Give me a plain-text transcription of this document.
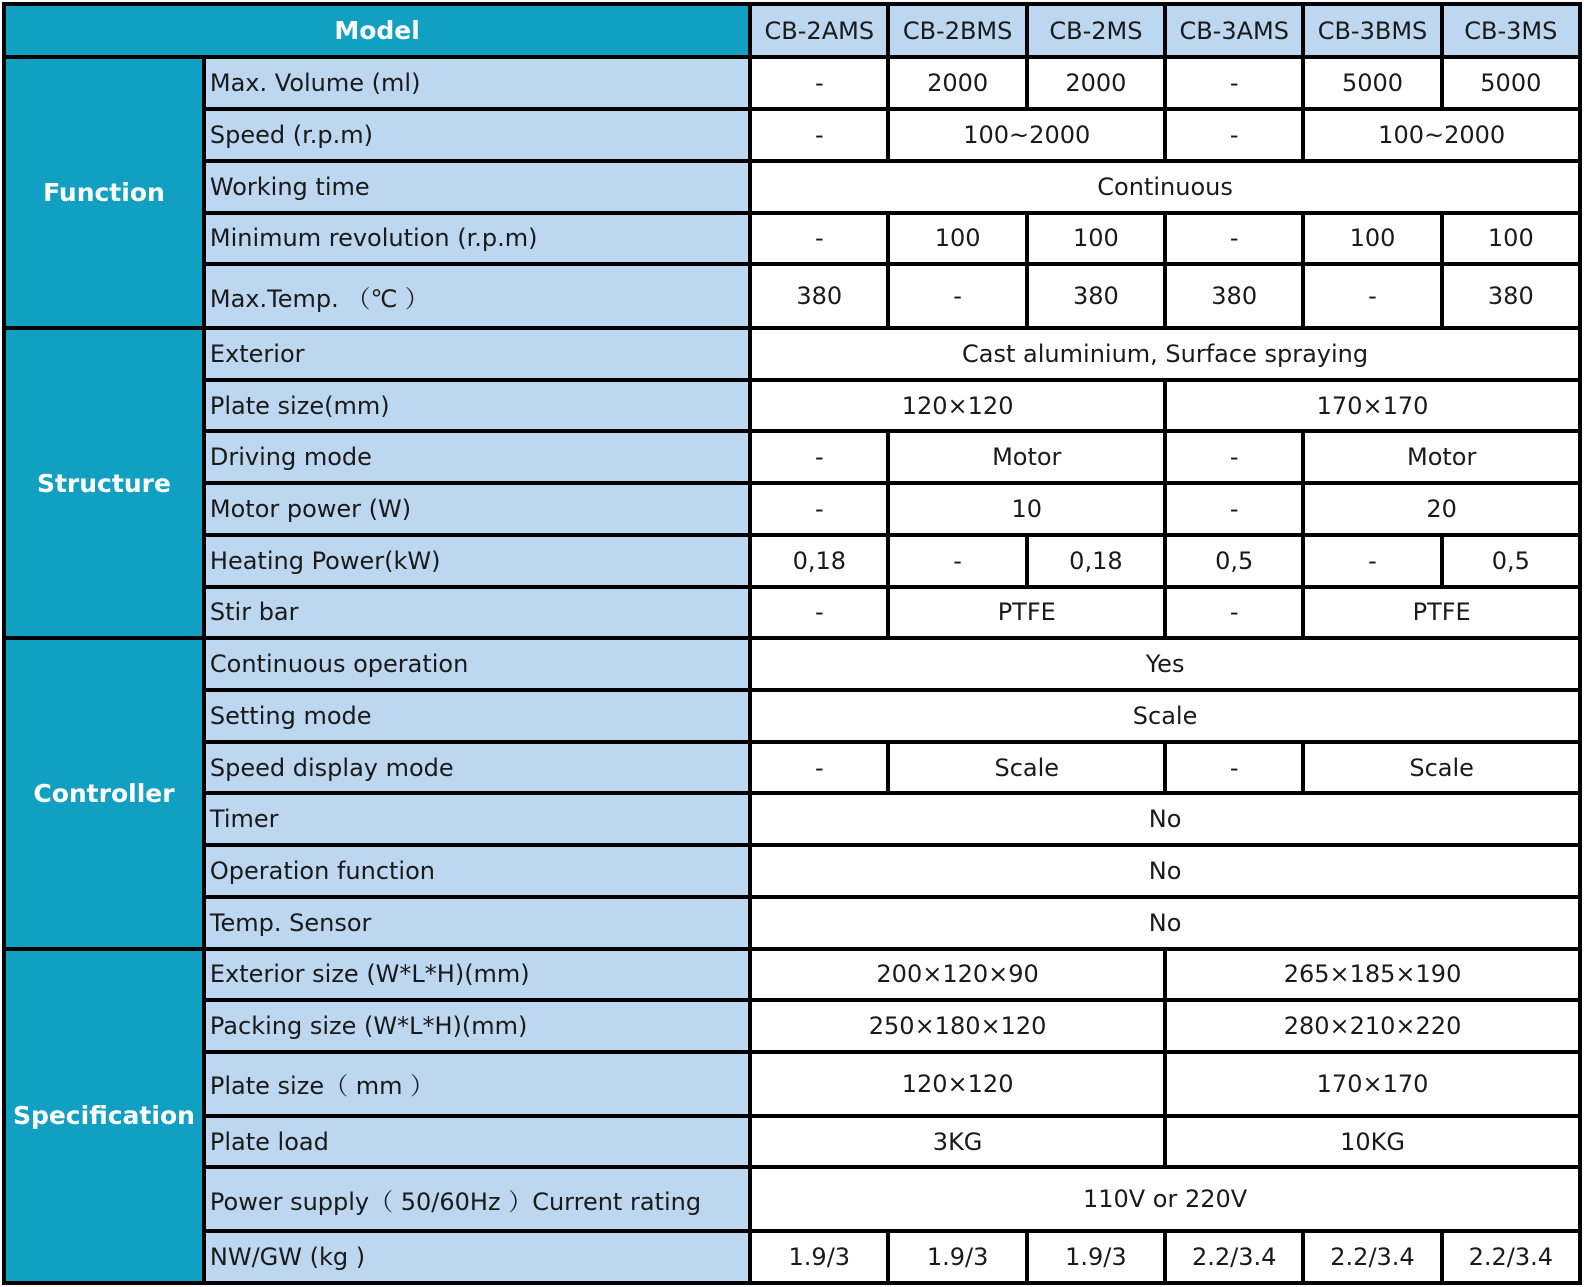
Model		CB-2AMS	CB-2BMS	CB-2MS	CB-3AMS	CB-3BMS	CB-3MS
Function	Max. Volume (ml)	-	2000	2000	-	5000	5000
	Speed (r.p.m)	-	100~2000		-	100~2000	
	Working time	Continuous					
	Minimum revolution (r.p.m)	-	100	100	-	100	100
	Max.Temp. （℃ ）	380	-	380	380	-	380
Structure	Exterior	Cast aluminium, Surface spraying					
	Plate size(mm)	120×120			170×170		
	Driving mode	-	Motor		-	Motor	
	Motor power (W)	-	10		-	20	
	Heating Power(kW)	0,18	-	0,18	0,5	-	0,5
	Stir bar	-	PTFE		-	PTFE	
Controller	Continuous operation	Yes					
	Setting mode	Scale					
	Speed display mode	-	Scale		-	Scale	
	Timer	No					
	Operation function	No					
	Temp. Sensor	No					
Specification	Exterior size (W*L*H)(mm)	200×120×90			265×185×190		
	Packing size (W*L*H)(mm)	250×180×120			280×210×220		
	Plate size（ mm ）	120×120			170×170		
	Plate load	3KG			10KG		
	Power supply（ 50/60Hz ）Current rating	110V or 220V					
	NW/GW (kg )	1.9/3	1.9/3	1.9/3	2.2/3.4	2.2/3.4	2.2/3.4
